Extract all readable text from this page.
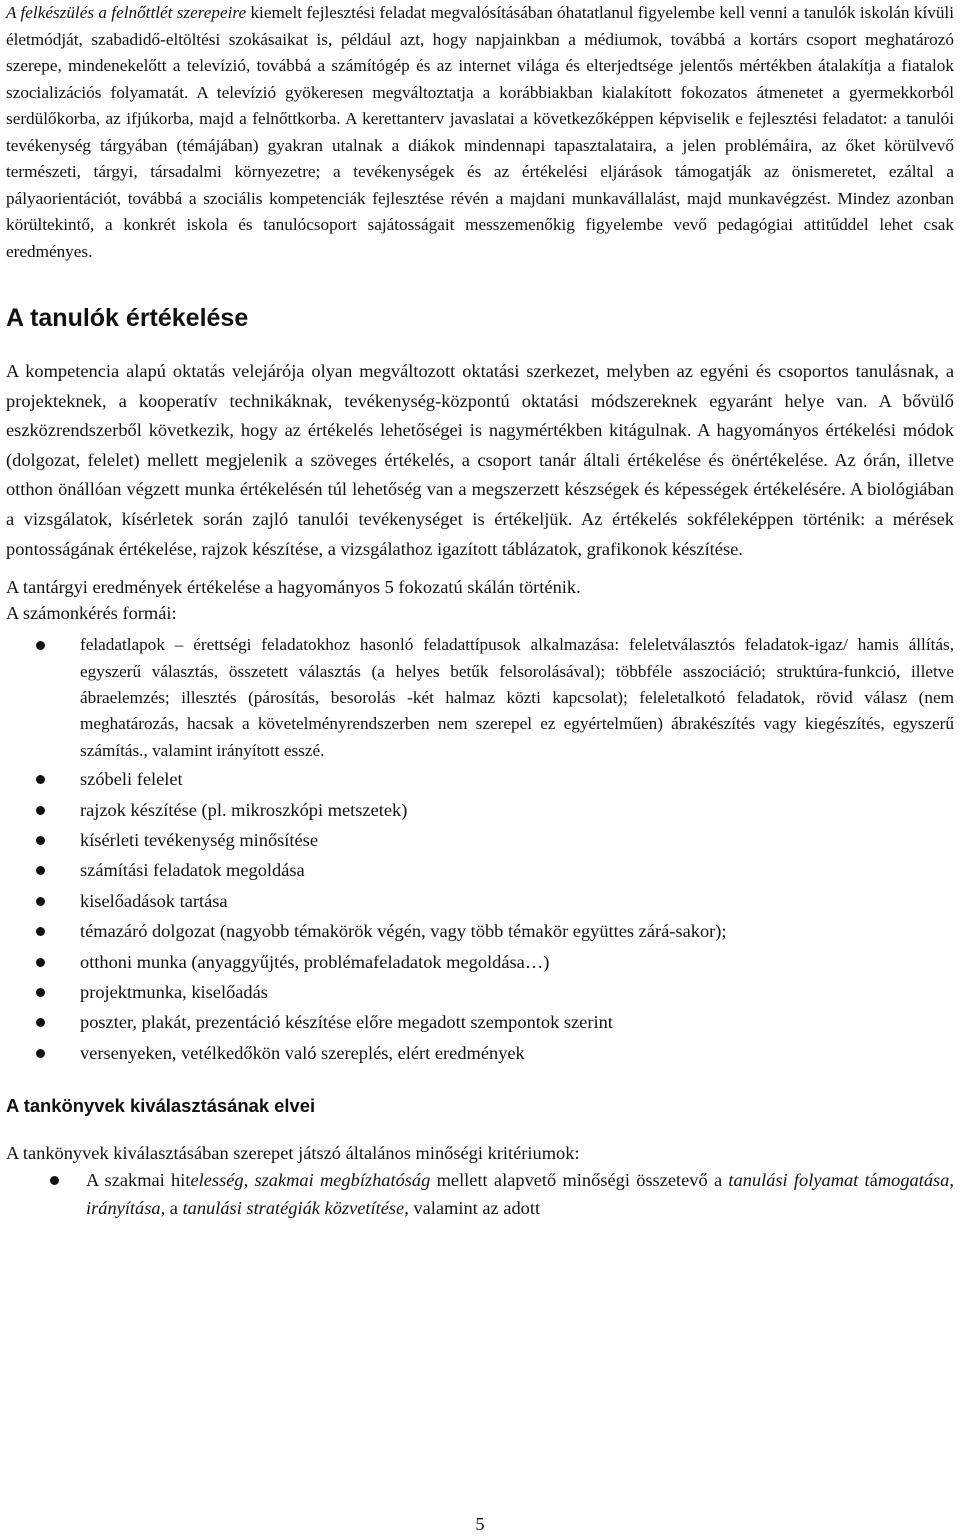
A felkészülés a felnőttlét szerepeire kiemelt fejlesztési feladat megvalósításában óhatatlanul figyelembe kell venni a tanulók iskolán kívüli életmódját, szabadidő-eltöltési szokásaikat is, például azt, hogy napjainkban a médiumok, továbbá a kortárs csoport meghatározó szerepe, mindenekelőtt a televízió, továbbá a számítógép és az internet világa és elterjedtsége jelentős mértékben átalakítja a fiatalok szocializációs folyamatát. A televízió gyökeresen megváltoztatja a korábbiakban kialakított fokozatos átmenetet a gyermekkorból serdülőkorba, az ifjúkorba, majd a felnőttkorba. A kerettanterv javaslatai a következőképpen képviselik e fejlesztési feladatot: a tanulói tevékenység tárgyában (témájában) gyakran utalnak a diákok mindennapi tapasztalataira, a jelen problémáira, az őket körülvevő természeti, tárgyi, társadalmi környezetre; a tevékenységek és az értékelési eljárások támogatják az önismeretet, ezáltal a pályaorientációt, továbbá a szociális kompetenciák fejlesztése révén a majdani munkavállalást, majd munkavégzést. Mindez azonban körültekintő, a konkrét iskola és tanulócsoport sajátosságait messzemenőkig figyelembe vevő pedagógiai attitűddel lehet csak eredményes.

A tanulók értékelése

A kompetencia alapú oktatás velejárója olyan megváltozott oktatási szerkezet, melyben az egyéni és csoportos tanulásnak, a projekteknek, a kooperatív technikáknak, tevékenység-központú oktatási módszereknek egyaránt helye van. A bővülő eszközrendszerből következik, hogy az értékelés lehetőségei is nagymértékben kitágulnak. A hagyományos értékelési módok (dolgozat, felelet) mellett megjelenik a szöveges értékelés, a csoport tanár általi értékelése és önértékelése. Az órán, illetve otthon önállóan végzett munka értékelésén túl lehetőség van a megszerzett készségek és képességek értékelésére. A biológiában a vizsgálatok, kísérletek során zajló tanulói tevékenységet is értékeljük. Az értékelés sokféleképpen történik: a mérések pontosságának értékelése, rajzok készítése, a vizsgálathoz igazított táblázatok, grafikonok készítése.

A tantárgyi eredmények értékelése a hagyományos 5 fokozatú skálán történik.

A számonkérés formái:

feladatlapok – érettségi feladatokhoz hasonló feladattípusok alkalmazása: feleletválasztós feladatok-igaz/ hamis állítás, egyszerű választás, összetett választás (a helyes betűk felsorolásával); többféle asszociáció; struktúra-funkció, illetve ábraelemzés; illesztés (párosítás, besorolás -két halmaz közti kapcsolat); feleletalkotó feladatok, rövid válasz (nem meghatározás, hacsak a követelményrendszerben nem szerepel ez egyértelműen) ábrakészítés vagy kiegészítés, egyszerű számítás., valamint irányított esszé.
szóbeli felelet
rajzok készítése (pl. mikroszkópi metszetek)
kísérleti tevékenység minősítése
számítási feladatok megoldása
kiselőadások tartása
témazáró dolgozat (nagyobb témakörök végén, vagy több témakör együttes zárá-sakor);
otthoni munka (anyaggyűjtés, problémafeladatok megoldása…)
projektmunka, kiselőadás
poszter, plakát, prezentáció készítése előre megadott szempontok szerint
versenyeken, vetélkedőkön való szereplés, elért eredmények
A tankönyvek kiválasztásának elvei

A tankönyvek kiválasztásában szerepet játszó általános minőségi kritériumok:

A szakmai hitelesség, szakmai megbízhatóság mellett alapvető minőségi összetevő a tanulási folyamat támogatása, irányítása, a tanulási stratégiák közvetítése, valamint az adott
5
